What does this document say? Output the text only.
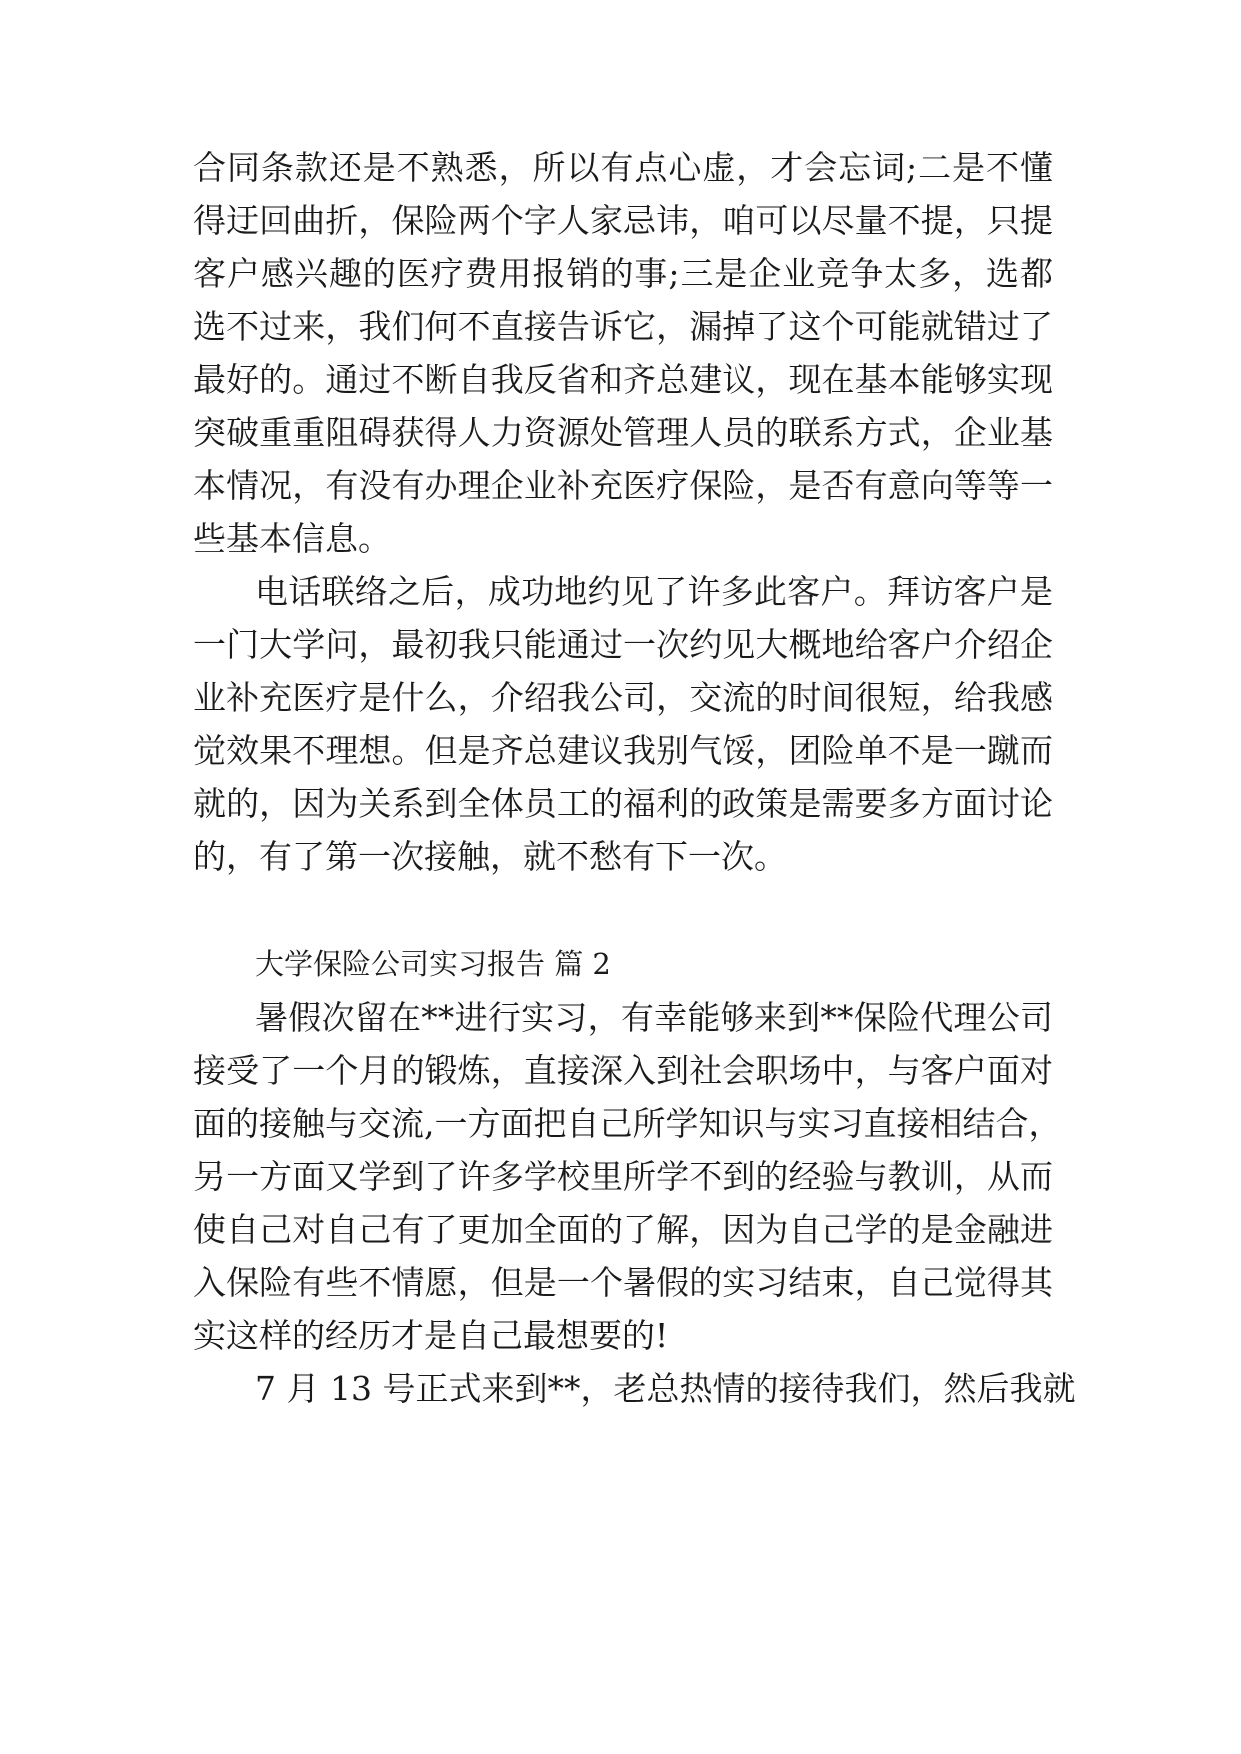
合同条款还是不熟悉，所以有点心虚，才会忘词;二是不懂
得迂回曲折，保险两个字人家忌讳，咱可以尽量不提，只提
客户感兴趣的医疗费用报销的事;三是企业竞争太多，选都
选不过来，我们何不直接告诉它，漏掉了这个可能就错过了
最好的。通过不断自我反省和齐总建议，现在基本能够实现
突破重重阻碍获得人力资源处管理人员的联系方式，企业基
本情况，有没有办理企业补充医疗保险，是否有意向等等一
些基本信息。
电话联络之后，成功地约见了许多此客户。拜访客户是
一门大学问，最初我只能通过一次约见大概地给客户介绍企
业补充医疗是什么，介绍我公司，交流的时间很短，给我感
觉效果不理想。但是齐总建议我别气馁，团险单不是一蹴而
就的，因为关系到全体员工的福利的政策是需要多方面讨论
的，有了第一次接触，就不愁有下一次。
大学保险公司实习报告 篇 2
暑假次留在**进行实习，有幸能够来到**保险代理公司
接受了一个月的锻炼，直接深入到社会职场中，与客户面对
面的接触与交流,一方面把自己所学知识与实习直接相结合，
另一方面又学到了许多学校里所学不到的经验与教训，从而
使自己对自己有了更加全面的了解，因为自己学的是金融进
入保险有些不情愿，但是一个暑假的实习结束，自己觉得其
实这样的经历才是自己最想要的!
7 月 13 号正式来到**，老总热情的接待我们，然后我就
